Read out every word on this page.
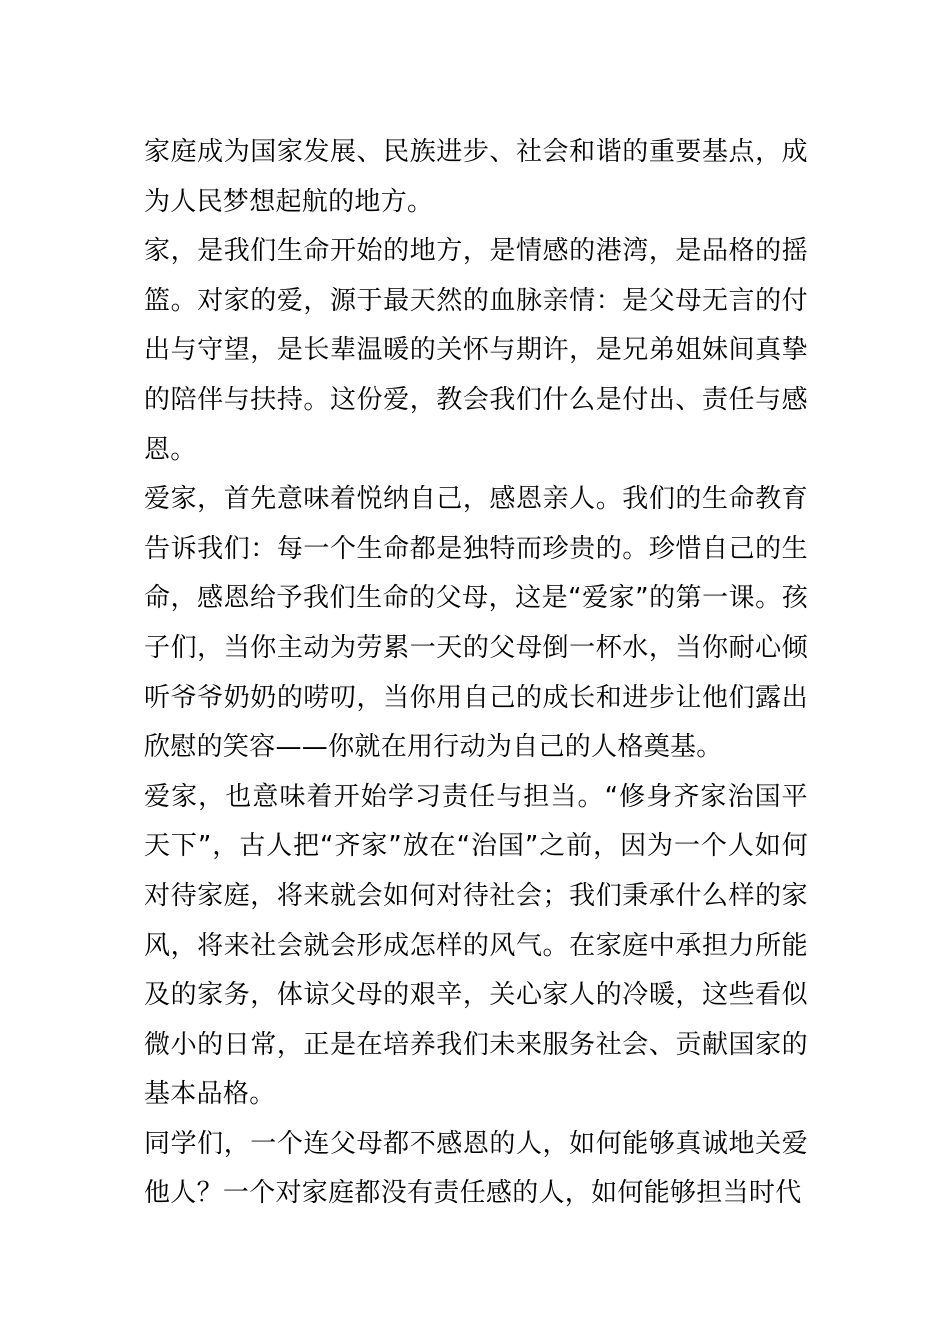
家庭成为国家发展、民族进步、社会和谐的重要基点，成为人民梦想起航的地方。

家，是我们生命开始的地方，是情感的港湾，是品格的摇篮。对家的爱，源于最天然的血脉亲情：是父母无言的付出与守望，是长辈温暖的关怀与期许，是兄弟姐妹间真挚的陪伴与扶持。这份爱，教会我们什么是付出、责任与感恩。

爱家，首先意味着悦纳自己，感恩亲人。我们的生命教育告诉我们：每一个生命都是独特而珍贵的。珍惜自己的生命，感恩给予我们生命的父母，这是“爱家”的第一课。孩子们，当你主动为劳累一天的父母倒一杯水，当你耐心倾听爷爷奶奶的唠叨，当你用自己的成长和进步让他们露出欣慰的笑容——你就在用行动为自己的人格奠基。

爱家，也意味着开始学习责任与担当。“修身齐家治国平天下”，古人把“齐家”放在“治国”之前，因为一个人如何对待家庭，将来就会如何对待社会；我们秉承什么样的家风，将来社会就会形成怎样的风气。在家庭中承担力所能及的家务，体谅父母的艰辛，关心家人的冷暖，这些看似微小的日常，正是在培养我们未来服务社会、贡献国家的基本品格。

同学们，一个连父母都不感恩的人，如何能够真诚地关爱他人？一个对家庭都没有责任感的人，如何能够担当时代
